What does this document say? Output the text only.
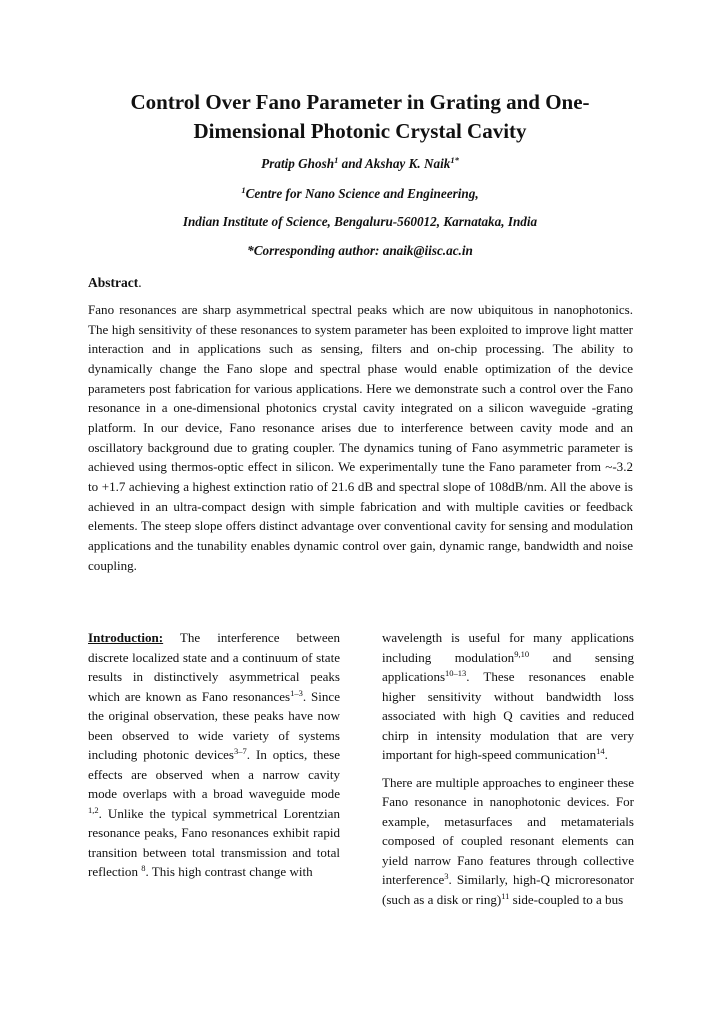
Control Over Fano Parameter in Grating and One-
Dimensional Photonic Crystal Cavity
Pratip Ghosh$^1$ and Akshay K. Naik$^{1*}$
$^1$Centre for Nano Science and Engineering,
Indian Institute of Science, Bengaluru-560012, Karnataka, India
*Corresponding author: anaik@iisc.ac.in
Abstract.

Fano resonances are sharp asymmetrical spectral peaks which are now ubiquitous in nanophotonics. The high sensitivity of these resonances to system parameter has been exploited to improve light matter interaction and in applications such as sensing, filters and on-chip processing. The ability to dynamically change the Fano slope and spectral phase would enable optimization of the device parameters post fabrication for various applications. Here we demonstrate such a control over the Fano resonance in a one-dimensional photonics crystal cavity integrated on a silicon waveguide -grating platform. In our device, Fano resonance arises due to interference between cavity mode and an oscillatory background due to grating coupler. The dynamics tuning of Fano asymmetric parameter is achieved using thermos-optic effect in silicon. We experimentally tune the Fano parameter from ~-3.2 to +1.7 achieving a highest extinction ratio of 21.6 dB and spectral slope of 108dB/nm. All the above is achieved in an ultra-compact design with simple fabrication and with multiple cavities or feedback elements. The steep slope offers distinct advantage over conventional cavity for sensing and modulation applications and the tunability enables dynamic control over gain, dynamic range, bandwidth and noise coupling.

Introduction: The interference between discrete localized state and a continuum of state results in distinctively asymmetrical peaks which are known as Fano resonances$^{1-3}$. Since the original observation, these peaks have now been observed to wide variety of systems including photonic devices$^{3-7}$. In optics, these effects are observed when a narrow cavity mode overlaps with a broad waveguide mode $^{1,2}$. Unlike the typical symmetrical Lorentzian resonance peaks, Fano resonances exhibit rapid transition between total transmission and total reflection $^8$. This high contrast change with

wavelength is useful for many applications including modulation$^{9,10}$ and sensing applications$^{10-13}$. These resonances enable higher sensitivity without bandwidth loss associated with high Q cavities and reduced chirp in intensity modulation that are very important for high-speed communication$^{14}$.

There are multiple approaches to engineer these Fano resonance in nanophotonic devices. For example, metasurfaces and metamaterials composed of coupled resonant elements can yield narrow Fano features through collective interference$^3$. Similarly, high-Q microresonator (such as a disk or ring)$^{11}$ side-coupled to a bus
